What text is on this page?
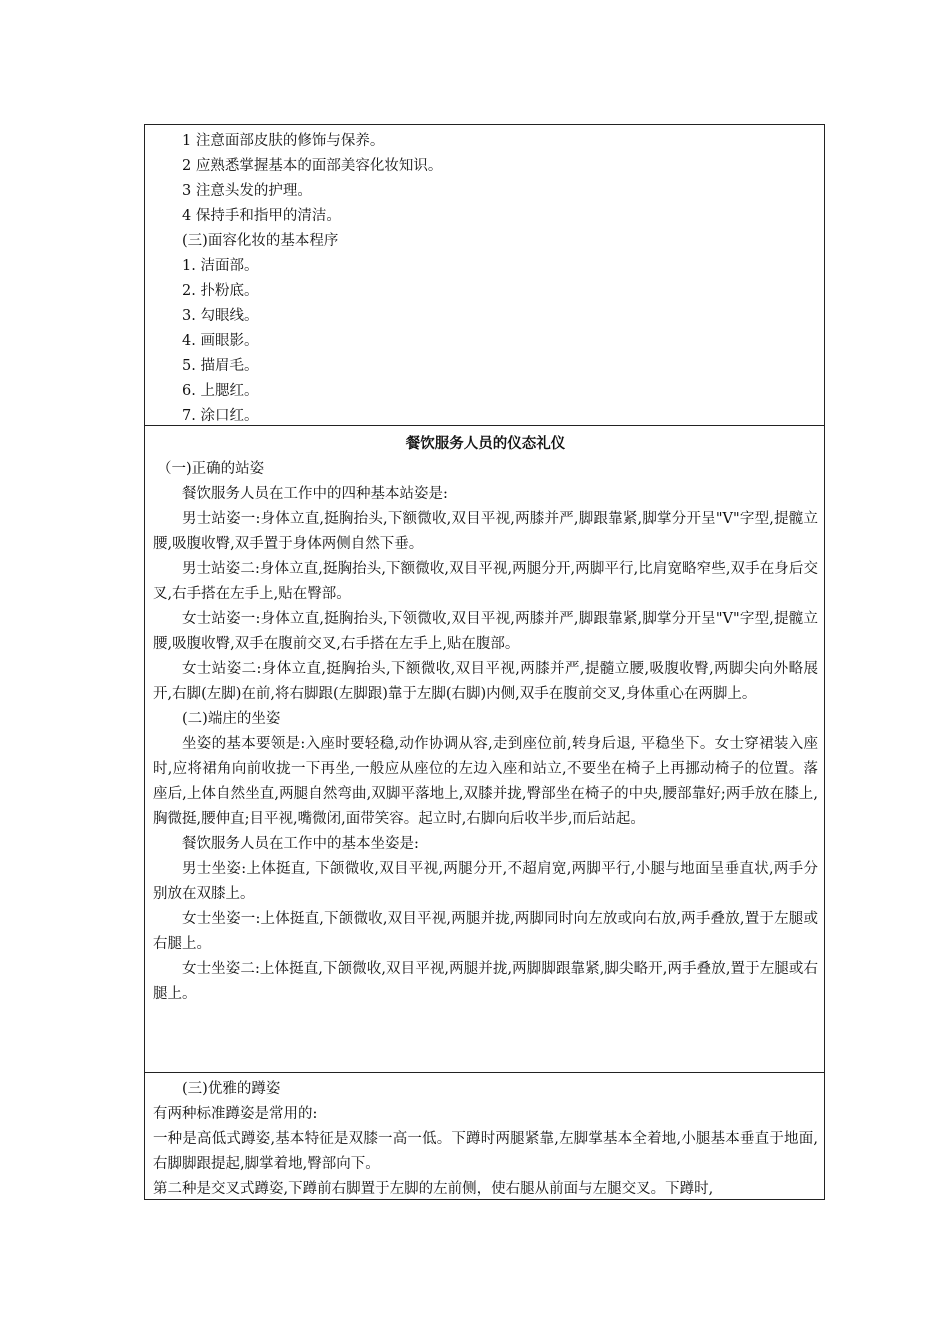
1 注意面部皮肤的修饰与保养。

2 应熟悉掌握基本的面部美容化妆知识。

3 注意头发的护理。

4 保持手和指甲的清洁。

(三)面容化妆的基本程序

1. 洁面部。

2. 扑粉底。

3. 勾眼线。

4. 画眼影。

5. 描眉毛。

6. 上腮红。

7. 涂口红。

餐饮服务人员的仪态礼仪

（一)正确的站姿

餐饮服务人员在工作中的四种基本站姿是:

男士站姿一:身体立直,挺胸抬头,下额微收,双目平视,两膝并严,脚跟靠紧,脚掌分开呈"V"字型,提髋立腰,吸腹收臀,双手置于身体两侧自然下垂。

男士站姿二:身体立直,挺胸抬头,下额微收,双目平视,两腿分开,两脚平行,比肩宽略窄些,双手在身后交叉,右手搭在左手上,贴在臀部。

女士站姿一:身体立直,挺胸抬头,下领微收,双目平视,两膝并严,脚跟靠紧,脚掌分开呈"V"字型,提髋立腰,吸腹收臀,双手在腹前交叉,右手搭在左手上,贴在腹部。

女士站姿二:身体立直,挺胸抬头,下额微收,双目平视,两膝并严,提髓立腰,吸腹收臀,两脚尖向外略展开,右脚(左脚)在前,将右脚跟(左脚跟)靠于左脚(右脚)内侧,双手在腹前交叉,身体重心在两脚上。

(二)端庄的坐姿

坐姿的基本要领是:入座时要轻稳,动作协调从容,走到座位前,转身后退, 平稳坐下。女士穿裙装入座时,应将裙角向前收拢一下再坐,一般应从座位的左边入座和站立,不要坐在椅子上再挪动椅子的位置。落座后,上体自然坐直,两腿自然弯曲,双脚平落地上,双膝并拢,臀部坐在椅子的中央,腰部靠好;两手放在膝上,胸微挺,腰伸直;目平视,嘴微闭,面带笑容。起立时,右脚向后收半步,而后站起。

餐饮服务人员在工作中的基本坐姿是:

男士坐姿:上体挺直, 下颌微收,双目平视,两腿分开,不超肩宽,两脚平行,小腿与地面呈垂直状,两手分别放在双膝上。

女士坐姿一:上体挺直,下颌微收,双目平视,两腿并拢,两脚同时向左放或向右放,两手叠放,置于左腿或右腿上。

女士坐姿二:上体挺直,下颌微收,双目平视,两腿并拢,两脚脚跟靠紧,脚尖略开,两手叠放,置于左腿或右腿上。

(三)优雅的蹲姿

有两种标准蹲姿是常用的:

一种是高低式蹲姿,基本特征是双膝一高一低。下蹲时两腿紧靠,左脚掌基本全着地,小腿基本垂直于地面,右脚脚跟提起,脚掌着地,臀部向下。

第二种是交叉式蹲姿,下蹲前右脚置于左脚的左前侧，使右腿从前面与左腿交叉。下蹲时,
